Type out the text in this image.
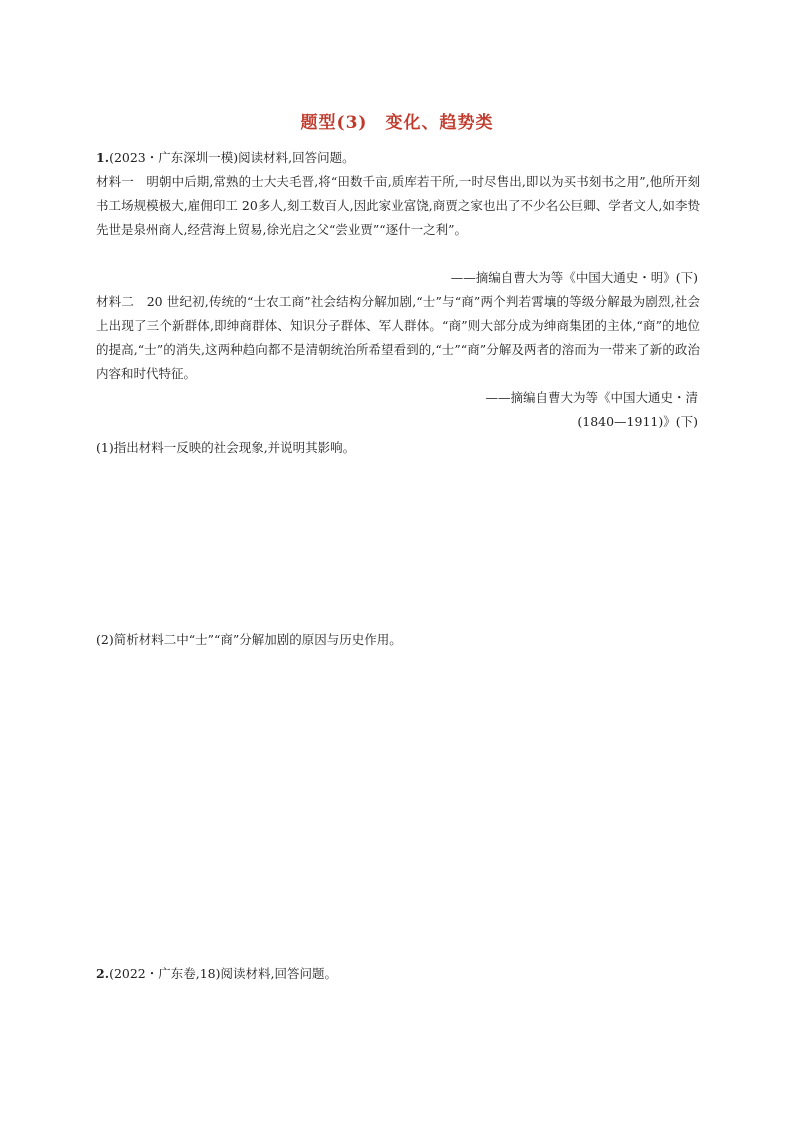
题型(3)　变化、趋势类
1.(2023・广东深圳一模)阅读材料,回答问题。
材料一　 明朝中后期,常熟的士大夫毛晋,将“田数千亩,质库若干所,一时尽售出,即以为买书刻书之用”,他所开刻书工场规模极大,雇佣印工 20多人,刻工数百人,因此家业富饶,商贾之家也出了不少名公巨卿、学者文人,如李贽先世是泉州商人,经营海上贸易,徐光启之父“尝业贾”“逐什一之利”。
——摘编自曹大为等《中国大通史・明》(下)
材料二　 20 世纪初,传统的“士农工商”社会结构分解加剧,“士”与“商”两个判若霄壤的等级分解最为剧烈,社会上出现了三个新群体,即绅商群体、知识分子群体、军人群体。“商”则大部分成为绅商集团的主体,“商”的地位的提高,“士”的消失,这两种趋向都不是清朝统治所希望看到的,“士”“商”分解及两者的溶而为一带来了新的政治内容和时代特征。
——摘编自曹大为等《中国大通史・清
(1840—1911)》(下)
(1)指出材料一反映的社会现象,并说明其影响。
(2)简析材料二中“士”“商”分解加剧的原因与历史作用。
2.(2022・广东卷,18)阅读材料,回答问题。
